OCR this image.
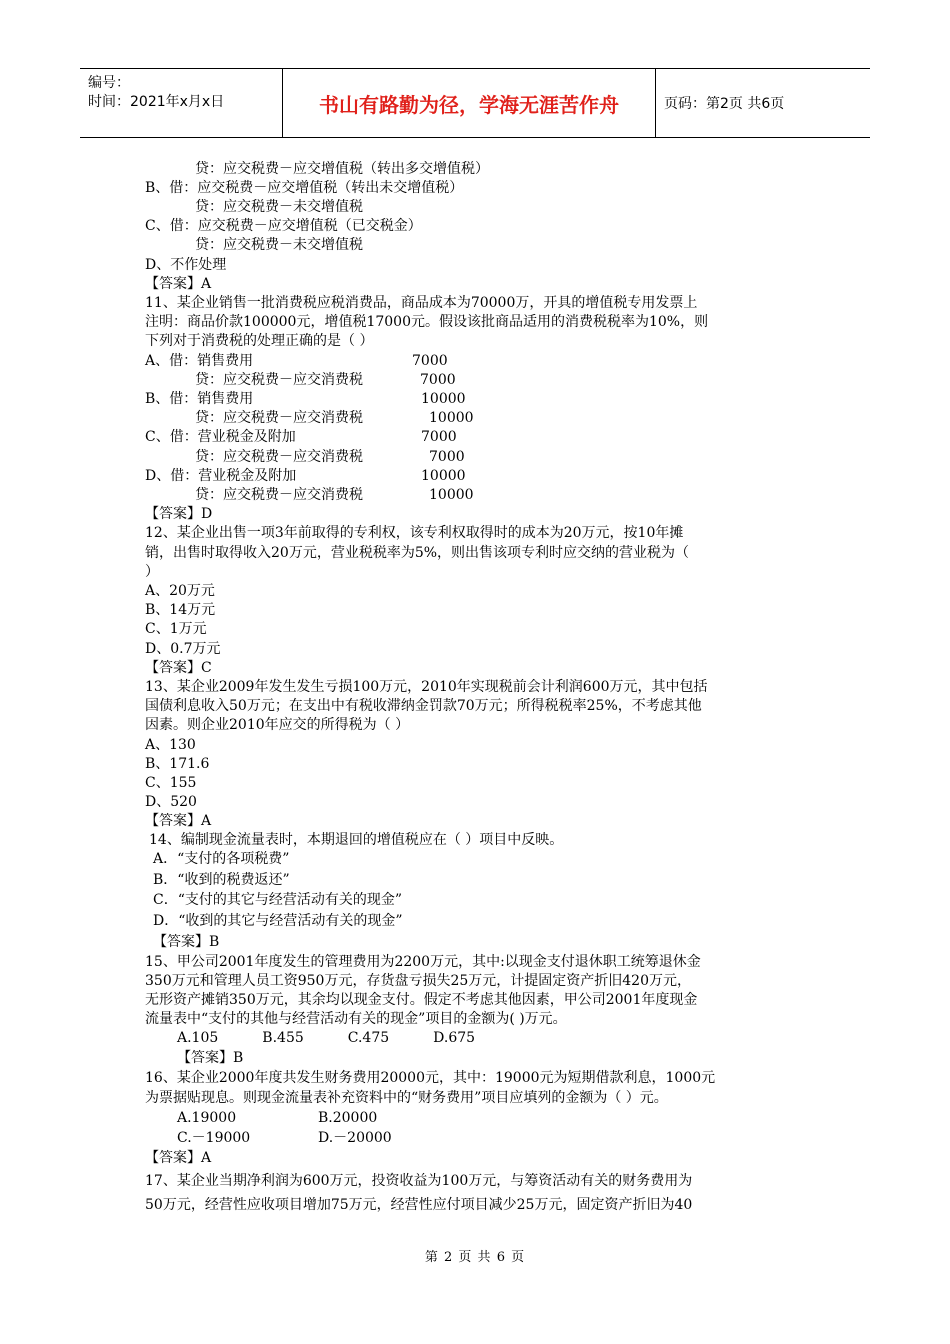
编号：
时间：2021年x月x日	书山有路勤为径，学海无涯苦作舟	页码：第2页 共6页
贷：应交税费－应交增值税（转出多交增值税）
B、借：应交税费－应交增值税（转出未交增值税）
贷：应交税费－未交增值税
C、借：应交税费－应交增值税（已交税金）
贷：应交税费－未交增值税
D、不作处理
【答案】A
11、某企业销售一批消费税应税消费品，商品成本为70000万，开具的增值税专用发票上
注明：商品价款100000元，增值税17000元。假设该批商品适用的消费税税率为10%，则
下列对于消费税的处理正确的是（ ）
A、借：销售费用	7000
贷：应交税费－应交消费税	7000
B、借：销售费用	10000
贷：应交税费－应交消费税	10000
C、借：营业税金及附加	7000
贷：应交税费－应交消费税	7000
D、借：营业税金及附加	10000
贷：应交税费－应交消费税	10000
【答案】D
12、某企业出售一项3年前取得的专利权，该专利权取得时的成本为20万元，按10年摊
销，出售时取得收入20万元，营业税税率为5%，则出售该项专利时应交纳的营业税为（
）
A、20万元
B、14万元
C、1万元
D、0.7万元
【答案】C
13、某企业2009年发生发生亏损100万元，2010年实现税前会计利润600万元，其中包括
国债利息收入50万元；在支出中有税收滞纳金罚款70万元；所得税税率25%，不考虑其他
因素。则企业2010年应交的所得税为（ ）
A、130
B、171.6
C、155
D、520
【答案】A
14、编制现金流量表时，本期退回的增值税应在（ ）项目中反映。
A．“支付的各项税费”
B．“收到的税费返还”
C．“支付的其它与经营活动有关的现金”
D．“收到的其它与经营活动有关的现金”
【答案】B
15、甲公司2001年度发生的管理费用为2200万元，其中:以现金支付退休职工统筹退休金
350万元和管理人员工资950万元，存货盘亏损失25万元，计提固定资产折旧420万元，
无形资产摊销350万元，其余均以现金支付。假定不考虑其他因素，甲公司2001年度现金
流量表中“支付的其他与经营活动有关的现金”项目的金额为( )万元。
A.105	B.455	C.475	D.675
【答案】B
16、某企业2000年度共发生财务费用20000元，其中：19000元为短期借款利息，1000元
为票据贴现息。则现金流量表补充资料中的“财务费用”项目应填列的金额为（ ）元。
A.19000	B.20000
C.－19000	D.－20000
【答案】A
17、某企业当期净利润为600万元，投资收益为100万元，与筹资活动有关的财务费用为
50万元，经营性应收项目增加75万元，经营性应付项目减少25万元，固定资产折旧为40
第 2 页 共 6 页
